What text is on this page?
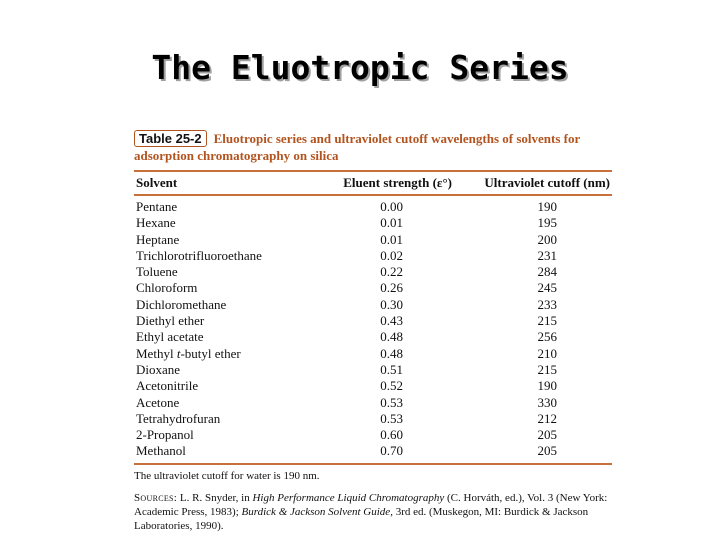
The Eluotropic Series
Table 25-2 Eluotropic series and ultraviolet cutoff wavelengths of solvents for adsorption chromatography on silica
Solvent	Eluent strength (ε°)	Ultraviolet cutoff (nm)
Pentane	0.00	190
Hexane	0.01	195
Heptane	0.01	200
Trichlorotrifluoroethane	0.02	231
Toluene	0.22	284
Chloroform	0.26	245
Dichloromethane	0.30	233
Diethyl ether	0.43	215
Ethyl acetate	0.48	256
Methyl t-butyl ether	0.48	210
Dioxane	0.51	215
Acetonitrile	0.52	190
Acetone	0.53	330
Tetrahydrofuran	0.53	212
2-Propanol	0.60	205
Methanol	0.70	205
The ultraviolet cutoff for water is 190 nm.
Sources: L. R. Snyder, in High Performance Liquid Chromatography (C. Horváth, ed.), Vol. 3 (New York: Academic Press, 1983); Burdick & Jackson Solvent Guide, 3rd ed. (Muskegon, MI: Burdick & Jackson Laboratories, 1990).
